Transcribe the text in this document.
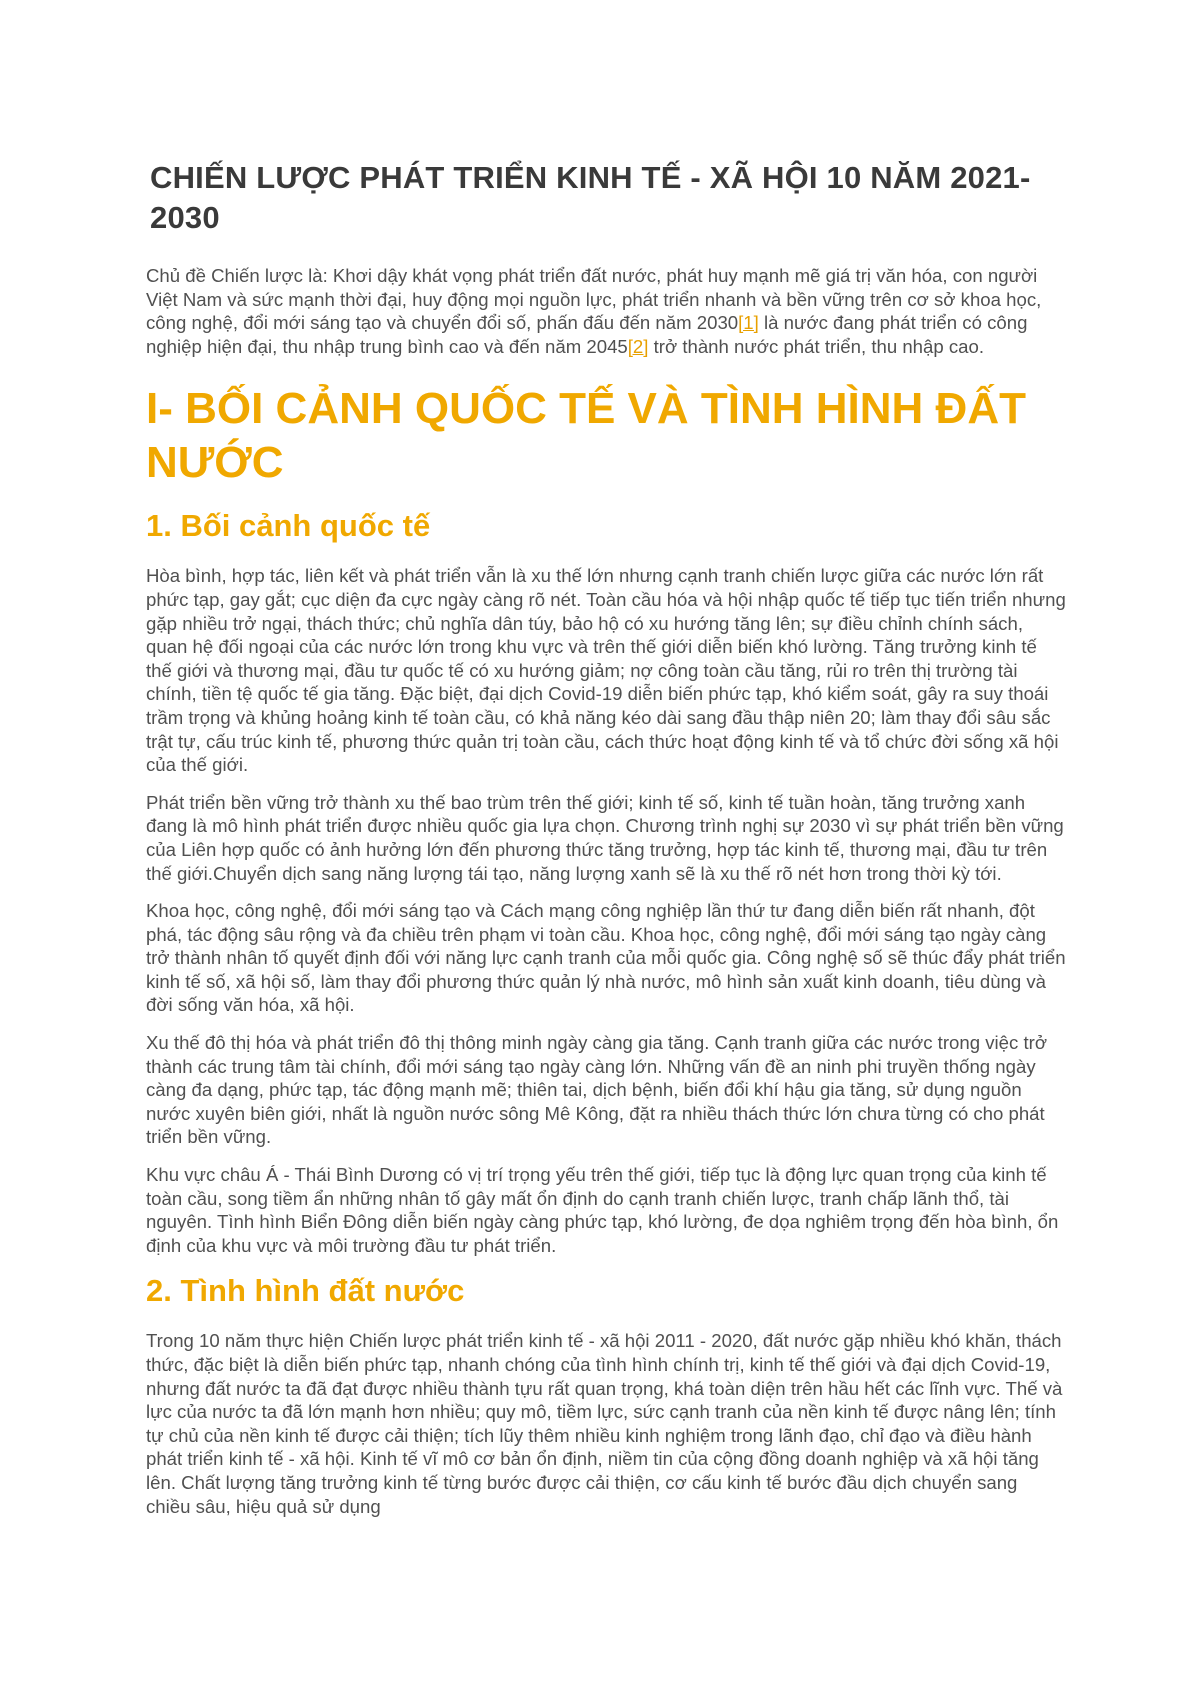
CHIẾN LƯỢC PHÁT TRIỂN KINH TẾ - XÃ HỘI 10 NĂM 2021-2030

Chủ đề Chiến lược là: Khơi dậy khát vọng phát triển đất nước, phát huy mạnh mẽ giá trị văn hóa, con người Việt Nam và sức mạnh thời đại, huy động mọi nguồn lực, phát triển nhanh và bền vững trên cơ sở khoa học, công nghệ, đổi mới sáng tạo và chuyển đổi số, phấn đấu đến năm 2030[1] là nước đang phát triển có công nghiệp hiện đại, thu nhập trung bình cao và đến năm 2045[2] trở thành nước phát triển, thu nhập cao.

I- BỐI CẢNH QUỐC TẾ VÀ TÌNH HÌNH ĐẤT NƯỚC
1. Bối cảnh quốc tế

Hòa bình, hợp tác, liên kết và phát triển vẫn là xu thế lớn nhưng cạnh tranh chiến lược giữa các nước lớn rất phức tạp, gay gắt; cục diện đa cực ngày càng rõ nét. Toàn cầu hóa và hội nhập quốc tế tiếp tục tiến triển nhưng gặp nhiều trở ngại, thách thức; chủ nghĩa dân túy, bảo hộ có xu hướng tăng lên; sự điều chỉnh chính sách, quan hệ đối ngoại của các nước lớn trong khu vực và trên thế giới diễn biến khó lường. Tăng trưởng kinh tế thế giới và thương mại, đầu tư quốc tế có xu hướng giảm; nợ công toàn cầu tăng, rủi ro trên thị trường tài chính, tiền tệ quốc tế gia tăng. Đặc biệt, đại dịch Covid-19 diễn biến phức tạp, khó kiểm soát, gây ra suy thoái trầm trọng và khủng hoảng kinh tế toàn cầu, có khả năng kéo dài sang đầu thập niên 20; làm thay đổi sâu sắc trật tự, cấu trúc kinh tế, phương thức quản trị toàn cầu, cách thức hoạt động kinh tế và tổ chức đời sống xã hội của thế giới.

Phát triển bền vững trở thành xu thế bao trùm trên thế giới; kinh tế số, kinh tế tuần hoàn, tăng trưởng xanh đang là mô hình phát triển được nhiều quốc gia lựa chọn. Chương trình nghị sự 2030 vì sự phát triển bền vững của Liên hợp quốc có ảnh hưởng lớn đến phương thức tăng trưởng, hợp tác kinh tế, thương mại, đầu tư trên thế giới.Chuyển dịch sang năng lượng tái tạo, năng lượng xanh sẽ là xu thế rõ nét hơn trong thời kỳ tới.

Khoa học, công nghệ, đổi mới sáng tạo và Cách mạng công nghiệp lần thứ tư đang diễn biến rất nhanh, đột phá, tác động sâu rộng và đa chiều trên phạm vi toàn cầu. Khoa học, công nghệ, đổi mới sáng tạo ngày càng trở thành nhân tố quyết định đối với năng lực cạnh tranh của mỗi quốc gia. Công nghệ số sẽ thúc đẩy phát triển kinh tế số, xã hội số, làm thay đổi phương thức quản lý nhà nước, mô hình sản xuất kinh doanh, tiêu dùng và đời sống văn hóa, xã hội.

Xu thế đô thị hóa và phát triển đô thị thông minh ngày càng gia tăng. Cạnh tranh giữa các nước trong việc trở thành các trung tâm tài chính, đổi mới sáng tạo ngày càng lớn. Những vấn đề an ninh phi truyền thống ngày càng đa dạng, phức tạp, tác động mạnh mẽ; thiên tai, dịch bệnh, biến đổi khí hậu gia tăng, sử dụng nguồn nước xuyên biên giới, nhất là nguồn nước sông Mê Kông, đặt ra nhiều thách thức lớn chưa từng có cho phát triển bền vững.

Khu vực châu Á - Thái Bình Dương có vị trí trọng yếu trên thế giới, tiếp tục là động lực quan trọng của kinh tế toàn cầu, song tiềm ẩn những nhân tố gây mất ổn định do cạnh tranh chiến lược, tranh chấp lãnh thổ, tài nguyên. Tình hình Biển Đông diễn biến ngày càng phức tạp, khó lường, đe dọa nghiêm trọng đến hòa bình, ổn định của khu vực và môi trường đầu tư phát triển.

2. Tình hình đất nước

Trong 10 năm thực hiện Chiến lược phát triển kinh tế - xã hội 2011 - 2020, đất nước gặp nhiều khó khăn, thách thức, đặc biệt là diễn biến phức tạp, nhanh chóng của tình hình chính trị, kinh tế thế giới và đại dịch Covid-19, nhưng đất nước ta đã đạt được nhiều thành tựu rất quan trọng, khá toàn diện trên hầu hết các lĩnh vực. Thế và lực của nước ta đã lớn mạnh hơn nhiều; quy mô, tiềm lực, sức cạnh tranh của nền kinh tế được nâng lên; tính tự chủ của nền kinh tế được cải thiện; tích lũy thêm nhiều kinh nghiệm trong lãnh đạo, chỉ đạo và điều hành phát triển kinh tế - xã hội. Kinh tế vĩ mô cơ bản ổn định, niềm tin của cộng đồng doanh nghiệp và xã hội tăng lên. Chất lượng tăng trưởng kinh tế từng bước được cải thiện, cơ cấu kinh tế bước đầu dịch chuyển sang chiều sâu, hiệu quả sử dụng
